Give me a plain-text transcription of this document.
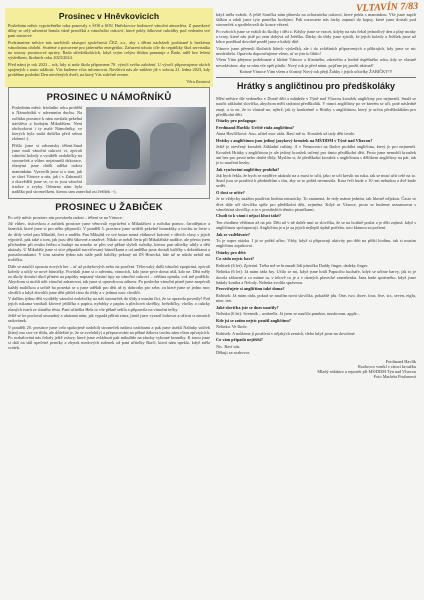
VLTAVÍN 7/83
Prosinec v Hněvkovicích

Posledním měsíc vyprávěného roku panovaly v ŠOŠ a SOU Hněvkovice hodinové vánoční atmosféra. Z pusetkové dílny se celý adventní hrnula vůně perníčků a vánočního cukroví, které pekly žákovné cukrářky pod vedením své paní mistrové.

Podzimníme měsíce nás navštívili zástupci společnosti ČEZ, a.s., aby s dětmi nacházeli posbírané k hezkému vánočnímu období. Svařené a potravené pro jaderného energetiku. Zařazení tohoto cíle do republiky škol servisníka na stromy prosincové zprávy. Rada středoškolácích, když svým celým třídám pamatuje z Řada, uděl bez řešení výsledkem, školních roku 2023/2024.

Před námi je rok 2023 – rok, kdy si naše škola připomene 70. výročí svého založení. U výročí připravujeme akcích spojených s touto událostí. Vás budeme včas informovat. Navštivit nás ale můžete již v sobotu 21. ledna 2023, kdy proběhne poslední Den otevřených dveří, na který Vás srdečně zveme.

Věra Zuntová

PROSINEC U NÁMOŘNÍKŮ

Posledním měsíc letošního roku proběhl u Námořníků v adventním duchu. Na začátku prosince k nám zavítala pekelná návštěva a hodným Mikulášem. Není obchodovat i ty malé Námořníky, ve kterých byla malá dušička před sebou zlobení :).

Přišlo jsme si adventsky těšení.Snad jsme malí vánoční cukroví vi, zpívali vánoční koledy a vyráběli ozdobičky na stromeček a vůbec nejzimniší dekorace, různými jsme chtěli udělat radost maminkám. Vyzvedli jsme si o tom, jak se slaví Vánoce u nás, jak i v Zahraničí a dozvěděli jsme se, co to jsou vánoční tradice a zvyky. Odmeno nám byla nadílka pod stromečkem, kterou tam zanechal asi Ježíšek :-).

PROSINEC U ŽABIČEK

Po celý měsíc prosinec nás provázela radost – těšení se na Vánoce.

Již vůbec, tisícovkou a začátek prosince jsme věnovali vyprávění o Mikulášovi a ručníku pomoc, čarodějnice a šanecků, které jsme si pro něho připravili. V pondělí 5. prosince jsme uvážili pekelné hromádky a trochu se čerte s do třídy vešel pan Mikuláš, čert a anděla. Pan Mikuláš ve své knize nemá vláknové krácení v děcích vlasy s jejich výprávil, pak také o tom, jak jsou děti šikovné a snaživé. Nikdo se nebál čerta při Mikulášské nadílce, ale přesto jsem přichodem při zvuku řetězu a buduje na mnoho se přes své pěkné slyšeli ručníky, kterou pan ušitelky ulítly a děti ukázaly. U Mikuláše jsme si více připadal nacvičovaný básničkami a od andělka jsme dostali balíčky s dobrůtkami a pomalovankami. V tom samém týdnu nás stále patři balíčky pekaný ná ZŠ Hrnecká, kde už se nikdo nebál ani trošičku.

Dále se naučili spoustu nových her – ať už pohybových nebo na poučení. Tělocvaký další vánoční zpopírání, zpívali koledy a učily se nové básničky. Povídali jsme si o adventu, vánocích, kdo jsme pece doma ušil, kdo ne. Děti měly za úkoly domácí úkol přinést na papírky napsaný vlastní tipy na vánoční cukroví – většina opinila, což mě potěšilo. Abychom si mohli užít vánoční zahanovat, tak jsme si opravdovou zábavu. Po poslechu vánoční písně jsme zazpívali každý maličkou a určitě ho posedat se a jsme udělali pro děti až ty dobrotky pro sebe, za které jsme se jedno moc chválili a když dovolili jsme děti přišel ráno do třídy a v jednou moc chválili.

V dalším týdnu děti vyráběly vánoční ozdobičky na náš stromeček do třídy a musím říci, že se opravdu povedly! Pod jejich rukama vznikali kávové jeblíčka z papíru, nyřobky z papíru a plechová skvělky, hvězdičky, vločky a cukrky různých tvarů ze slaného těsta. Paní učitelka Hela to vše pěkně sešila a připravila na vánoční tečky.

Ještě se ke pocloval umoudný a ukázaná nám, jak vypadá pěkná zima, jimiž jsme vyrazil bobovat a užívat si zimních radovánek.

V pondělí 20. prosince jsme celo spokojeně ozdobili stromeček našimi ozdobami a pak jsme úsekli Nalinky sušček (který mu sice ve třídu, ale důležité je, že se zvelobily) a přepracováni na pěkné žákova trochu nám všem zpívajících. Po rozbalování nás čekaly ještě oslavy, které jsme zvládnuti pak mikuláše na zásoby vybrané krmníky. K tomu jsme si dali na stůl upečené perníky a zbytek medových sušenek od paní učitelky Barči, která nám upekla, když měla svátek.

když měla svátek. A ještě Sonička nám přinesla na ochutnávku cukroví, které pekla s maminkou. Vše jsme zapili šálkou a zdali jsme tyto panečku horkými. Pak rozrostete nás čarky zapnutí do kapsy, které jsme dostali pod stromeček a spotřebovali do konce vězení.

Po svátcích jsme se vrátili do školky i děti z. Kdyby jsme se vracet, kdyby na nás čekal jednotlivý den a plný mraky a tvary, které nás jistě po zem dobývá od Ježíška. Dárky do třídy jsme zjistili, že jejich koledy a Ježíšek jsme už lehce poněkud dovolně pozdě jsme a každý dítě.

Vánoce jsme přenesli školních lidech výsledků, ale i do zvláštních připravených a příkrajích, kdy jsme se nic neodrážela. Opravdu doporučujeme všem, ať se jim to líbilo!

Všem Vám přejeme požehnané a klidné Vánoce a šťastného, zdravého a hodně úspěšného roku, kdy se vlastně nevzdáváme, aby se nám vše opět plnilo. Nový rok je před námi, pojďme jej prožít aktivně!

Krásné Vánoce Vám všem a šťastný Nový rok přejí Žabky i jejich učitelky ŽABIČKY!!!

Hrátky s angličtinou pro předškoláky

Měsí měsíce dle vedeného v Domě dětí a mládeže v Týně nad Vltavou kroužek angličtiny pro nejmenší. Snaží se naučit základní slovíčka, abychom měli radostní předškolák. V rámci angličtiny po ve kterém se učí, poté následně znají, a to ne, že to vlastně ne, nýbrž, jak ty konkrétně o Hrátky s angličtinou, který je určen předškolákům pro předškolní děti.

Otázky pro pedagoga:

Ferdinand Havlík: Určitě ráda angličtinu?

Anna Havlíčková: Ano, učitel moc ráda. Baví mě to. Kroužek už tady děti trvale.

Hrátky s angličtinou jsou jediný jazykový kroužek na MŠ/DDM v Týně nad Vltavou?

Ještě je otevřený kroužek Základní ruštiny. A v Nemocnici na školce probíhá angličtina, který je pro nejmenší. Kroužek Hrátky s angličtinou je ale jediný kroužek určený pro tímto předškolní děti. Proto jsme nemohli kroužek ani bez pro první nebo druhé třídy. Myslím si, že předškolní kroužek s angličtinou s dělítkem angličtiny na pár, tak je to naučení hezky.

Jak vyučování angličtiny probíhá?

Jak bych řekla, že bych se nejdříve ukázalo na a musí to učit, jako se učí kreslit na ruku, tak se musí učit celé na to. Snad jsou se používá k předmětům s tím, aby se to pořád neomezila. Kurz řeči bude o 10.-mi nebudou a dvě bude sedět.

O dost se učíte?

Je se vždycky snažím používat hodinu tematicky. To znamená, že tedy máme jedním, tak hlavně nějakou. Často se dívá dále učí slovíčka spíše pro předškolní děti, zejména. Když se Vánoce, proto se budeme seznamovat s vánočními slovíčky, a to v prostředích těmito písničkami.

Chodí to k vámi i nějací kluci také?

Ten chodíme většinou až na pár. Děti už v ně dobře umí se slovíčka, že se na hodině poslat a je děti zajímá, když s angličtinou spolupracují. Angličtina je u je za jejich nejlepší úplně potřeba, toto klamou za počtení.

Jak se vzdělávate?

To je super otázka. I já se pořád učím. Vždy, když si připravuji aktivity pro děti na příští hodinu, tak si musím angličtinu zopakovat.

Otázky pro děti:

Co ráda nejvíc baví?

Robísek (6 let): Zpívání. Tréba mě se hromadí lidí písnička Daddy finger, dadeky finger.

Nelinka (6 let): Já mám ráda hry. Učilo se mi, když jsme hráli Papuciho kuchaře, když se učíme barvy, jak to je docela zábavné a co máme tu, v lelově co je a v různých plavecké zmenšenku. Jana bude správného, když jsme hádaly koníka a Nelody. Nelinka zvolila správnou.

Procvičujete si angličtinu také doma?

Robísek: Já mám ráda, pokud se naučím nová slovíčka, pokaždé jdu. One, two, three, four, five, six, seven, eight, nine, ten.

Jaké slovíčka jste se dnes naučily?

Nelinka (6 let): Svetrník – umbrella. Já jsem se naučila pumkin, mushroom, apple...

Kde jsi se zatím nejvíc použil angličtinu?

Nelinka: Ve škole.

Robísek: A můžeme jí používat v nějakých zemích, třeba když jsme na dovolené.

Co vám připadá nejtěžší?

Nic. Baví nás.

Děkuji za rozhovor.

Ferdinand Havlík
Rozhovor vznikl v rámci kroužku
Mladý redaktor a reportér při MŠ/DDM Týn nad Vltavou
Foto Markéta Pražanová
